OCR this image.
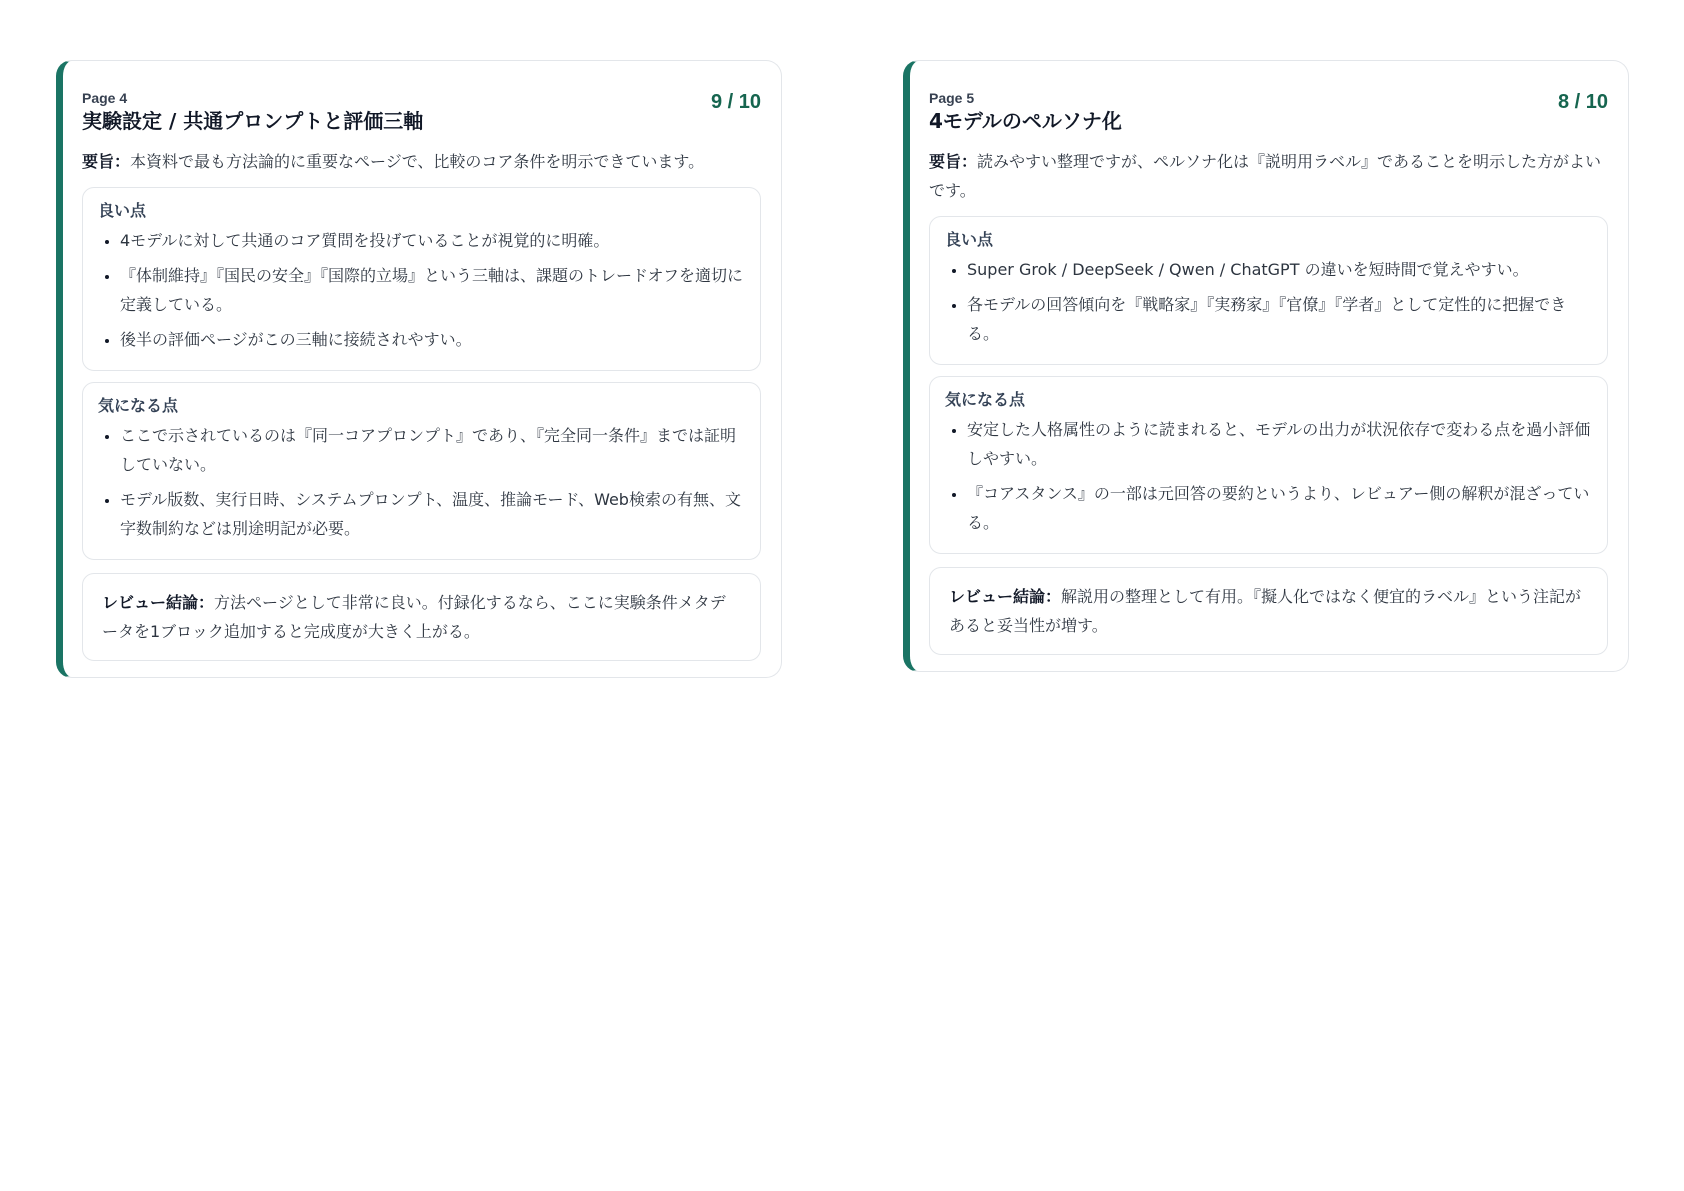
Page 4
実験設定 / 共通プロンプトと評価三軸
9 / 10
要旨：本資料で最も方法論的に重要なページで、比較のコア条件を明示できています。
良い点
• 4モデルに対して共通のコア質問を投げていることが視覚的に明確。
• 『体制維持』『国民の安全』『国際的立場』という三軸は、課題のトレードオフを適切に定義している。
• 後半の評価ページがこの三軸に接続されやすい。
気になる点
• ここで示されているのは『同一コアプロンプト』であり、『完全同一条件』までは証明していない。
• モデル版数、実行日時、システムプロンプト、温度、推論モード、Web検索の有無、文字数制約などは別途明記が必要。
レビュー結論：方法ページとして非常に良い。付録化するなら、ここに実験条件メタデータを1ブロック追加すると完成度が大きく上がる。
Page 5
4モデルのペルソナ化
8 / 10
要旨：読みやすい整理ですが、ペルソナ化は『説明用ラベル』であることを明示した方がよいです。
良い点
• Super Grok / DeepSeek / Qwen / ChatGPT の違いを短時間で覚えやすい。
• 各モデルの回答傾向を『戦略家』『実務家』『官僚』『学者』として定性的に把握できる。
気になる点
• 安定した人格属性のように読まれると、モデルの出力が状況依存で変わる点を過小評価しやすい。
• 『コアスタンス』の一部は元回答の要約というより、レビュアー側の解釈が混ざっている。
レビュー結論：解説用の整理として有用。『擬人化ではなく便宜的ラベル』という注記があると妥当性が増す。
